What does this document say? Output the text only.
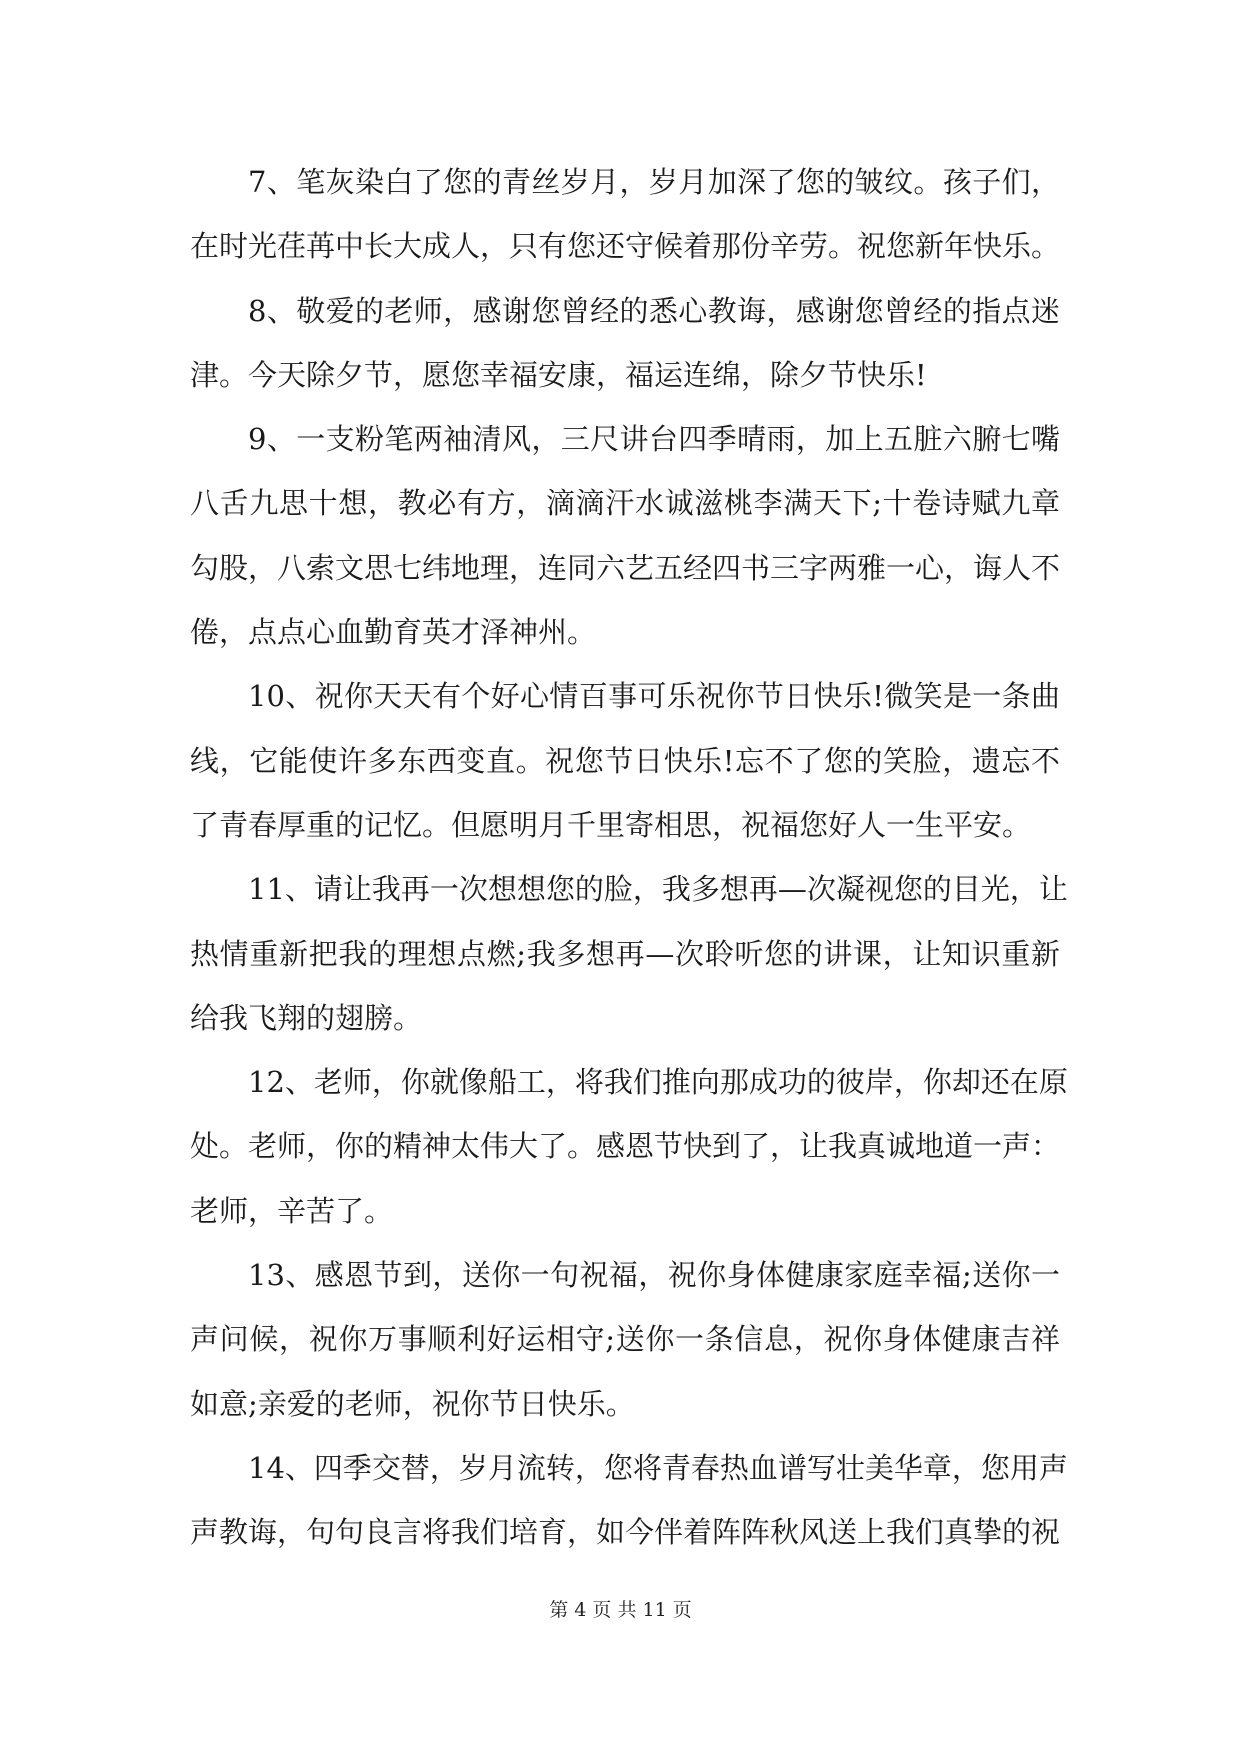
7、笔灰染白了您的青丝岁月，岁月加深了您的皱纹。孩子们，
在时光荏苒中长大成人，只有您还守候着那份辛劳。祝您新年快乐。
8、敬爱的老师，感谢您曾经的悉心教诲，感谢您曾经的指点迷
津。今天除夕节，愿您幸福安康，福运连绵，除夕节快乐!
9、一支粉笔两袖清风，三尺讲台四季晴雨，加上五脏六腑七嘴
八舌九思十想，教必有方，滴滴汗水诚滋桃李满天下;十卷诗赋九章
勾股，八索文思七纬地理，连同六艺五经四书三字两雅一心，诲人不
倦，点点心血勤育英才泽神州。
10、祝你天天有个好心情百事可乐祝你节日快乐!微笑是一条曲
线，它能使许多东西变直。祝您节日快乐!忘不了您的笑脸，遗忘不
了青春厚重的记忆。但愿明月千里寄相思，祝福您好人一生平安。
11、请让我再一次想想您的脸，我多想再—次凝视您的目光，让
热情重新把我的理想点燃;我多想再—次聆听您的讲课，让知识重新
给我飞翔的翅膀。
12、老师，你就像船工，将我们推向那成功的彼岸，你却还在原
处。老师，你的精神太伟大了。感恩节快到了，让我真诚地道一声：
老师，辛苦了。
13、感恩节到，送你一句祝福，祝你身体健康家庭幸福;送你一
声问候，祝你万事顺利好运相守;送你一条信息，祝你身体健康吉祥
如意;亲爱的老师，祝你节日快乐。
14、四季交替，岁月流转，您将青春热血谱写壮美华章，您用声
声教诲，句句良言将我们培育，如今伴着阵阵秋风送上我们真挚的祝
第 4 页 共 11 页
